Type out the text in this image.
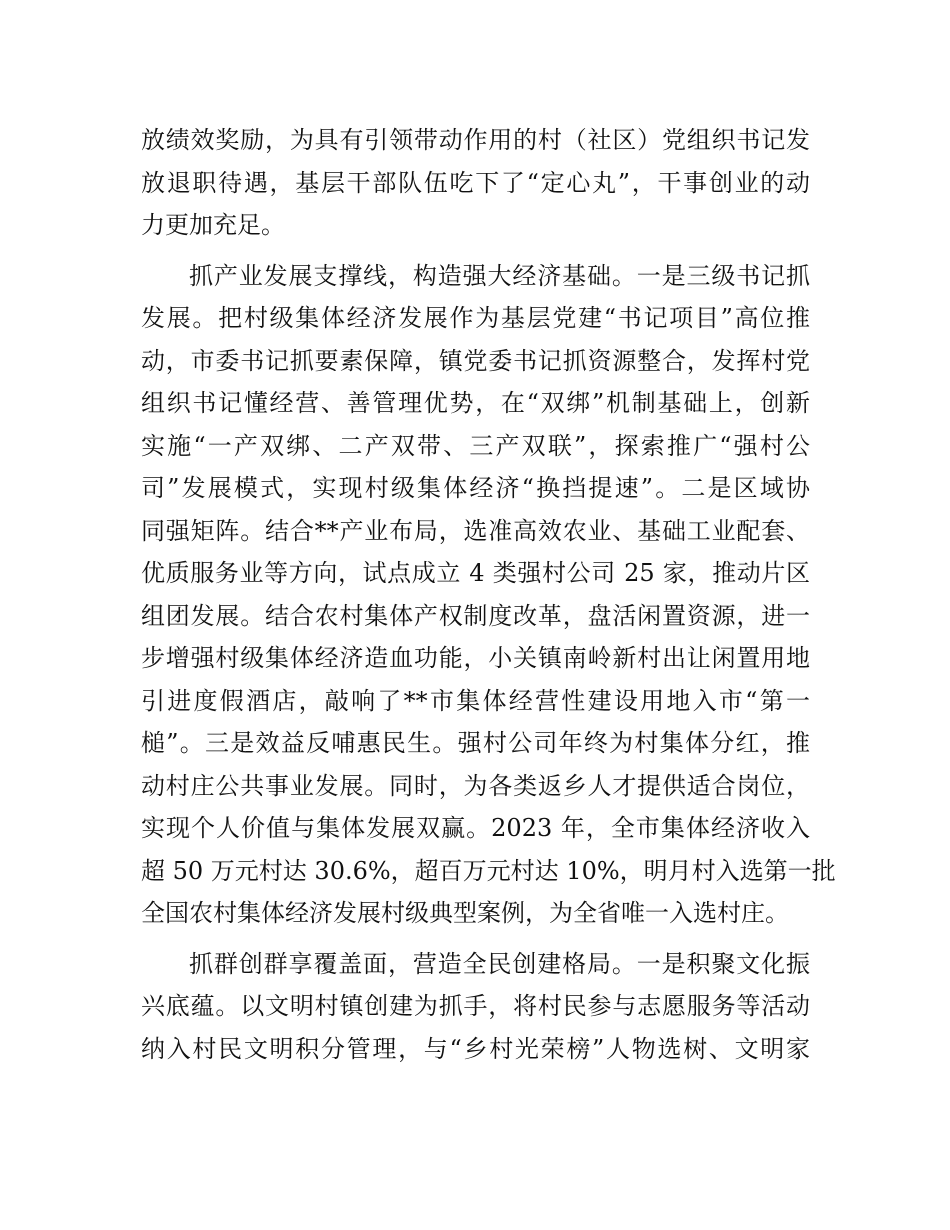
放绩效奖励，为具有引领带动作用的村（社区）党组织书记发
放退职待遇，基层干部队伍吃下了“定心丸”，干事创业的动
力更加充足。
抓产业发展支撑线，构造强大经济基础。一是三级书记抓
发展。把村级集体经济发展作为基层党建“书记项目”高位推
动，市委书记抓要素保障，镇党委书记抓资源整合，发挥村党
组织书记懂经营、善管理优势，在“双绑”机制基础上，创新
实施“一产双绑、二产双带、三产双联”，探索推广“强村公
司”发展模式，实现村级集体经济“换挡提速”。二是区域协
同强矩阵。结合**产业布局，选准高效农业、基础工业配套、
优质服务业等方向，试点成立 4 类强村公司 25 家，推动片区
组团发展。结合农村集体产权制度改革，盘活闲置资源，进一
步增强村级集体经济造血功能，小关镇南岭新村出让闲置用地
引进度假酒店，敲响了**市集体经营性建设用地入市“第一
槌”。三是效益反哺惠民生。强村公司年终为村集体分红，推
动村庄公共事业发展。同时，为各类返乡人才提供适合岗位，
实现个人价值与集体发展双赢。2023 年，全市集体经济收入
超 50 万元村达 30.6%，超百万元村达 10%，明月村入选第一批
全国农村集体经济发展村级典型案例，为全省唯一入选村庄。
抓群创群享覆盖面，营造全民创建格局。一是积聚文化振
兴底蕴。以文明村镇创建为抓手，将村民参与志愿服务等活动
纳入村民文明积分管理，与“乡村光荣榜”人物选树、文明家
